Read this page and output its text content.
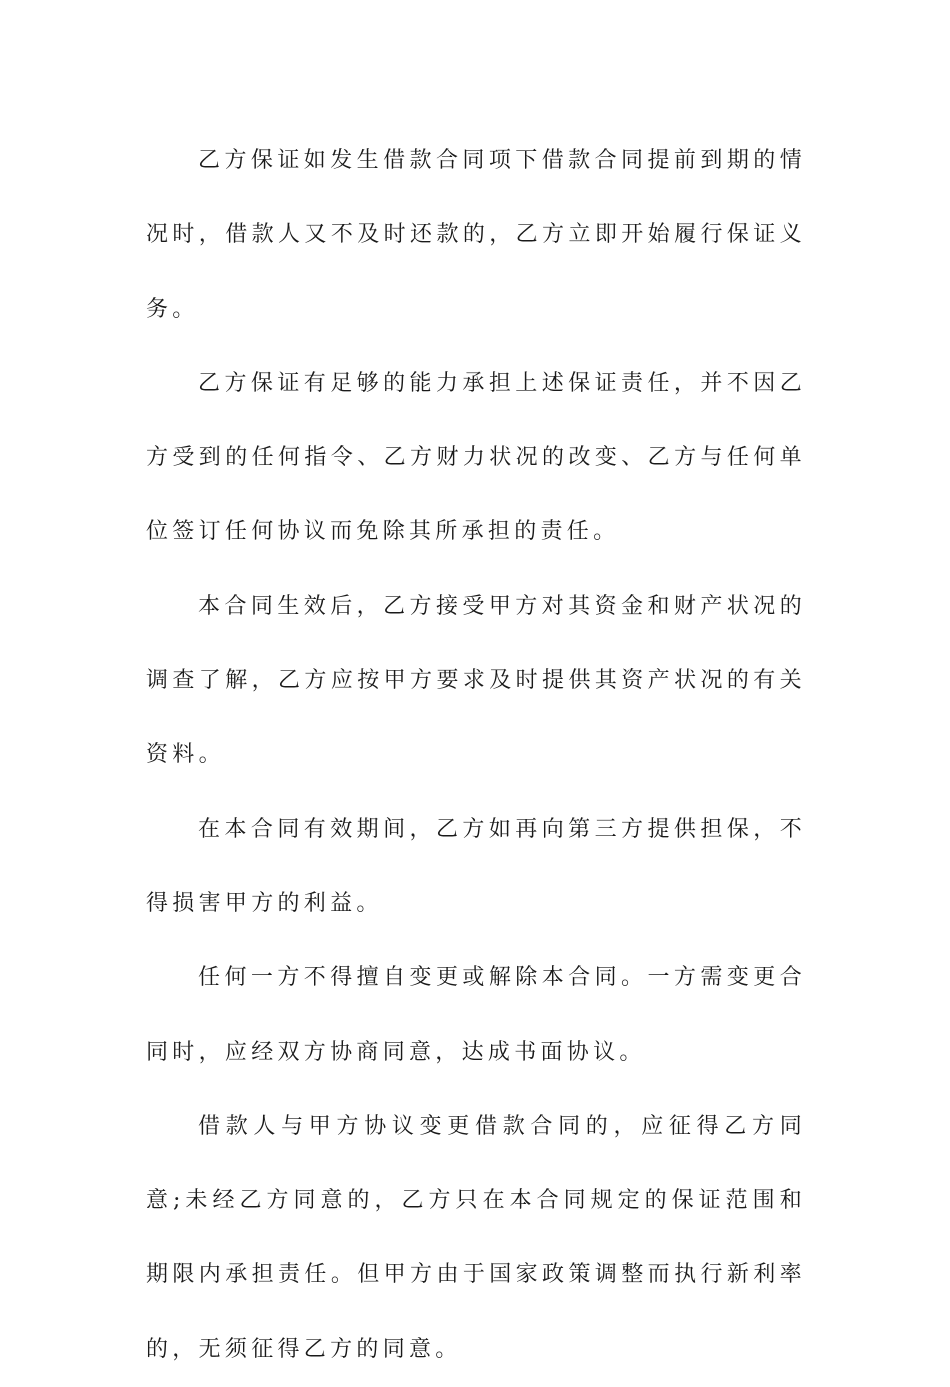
乙方保证如发生借款合同项下借款合同提前到期的情况时，借款人又不及时还款的，乙方立即开始履行保证义务。

乙方保证有足够的能力承担上述保证责任，并不因乙方受到的任何指令、乙方财力状况的改变、乙方与任何单位签订任何协议而免除其所承担的责任。

本合同生效后，乙方接受甲方对其资金和财产状况的调查了解，乙方应按甲方要求及时提供其资产状况的有关资料。

在本合同有效期间，乙方如再向第三方提供担保，不得损害甲方的利益。

任何一方不得擅自变更或解除本合同。一方需变更合同时，应经双方协商同意，达成书面协议。

借款人与甲方协议变更借款合同的，应征得乙方同意;未经乙方同意的，乙方只在本合同规定的保证范围和期限内承担责任。但甲方由于国家政策调整而执行新利率的，无须征得乙方的同意。
